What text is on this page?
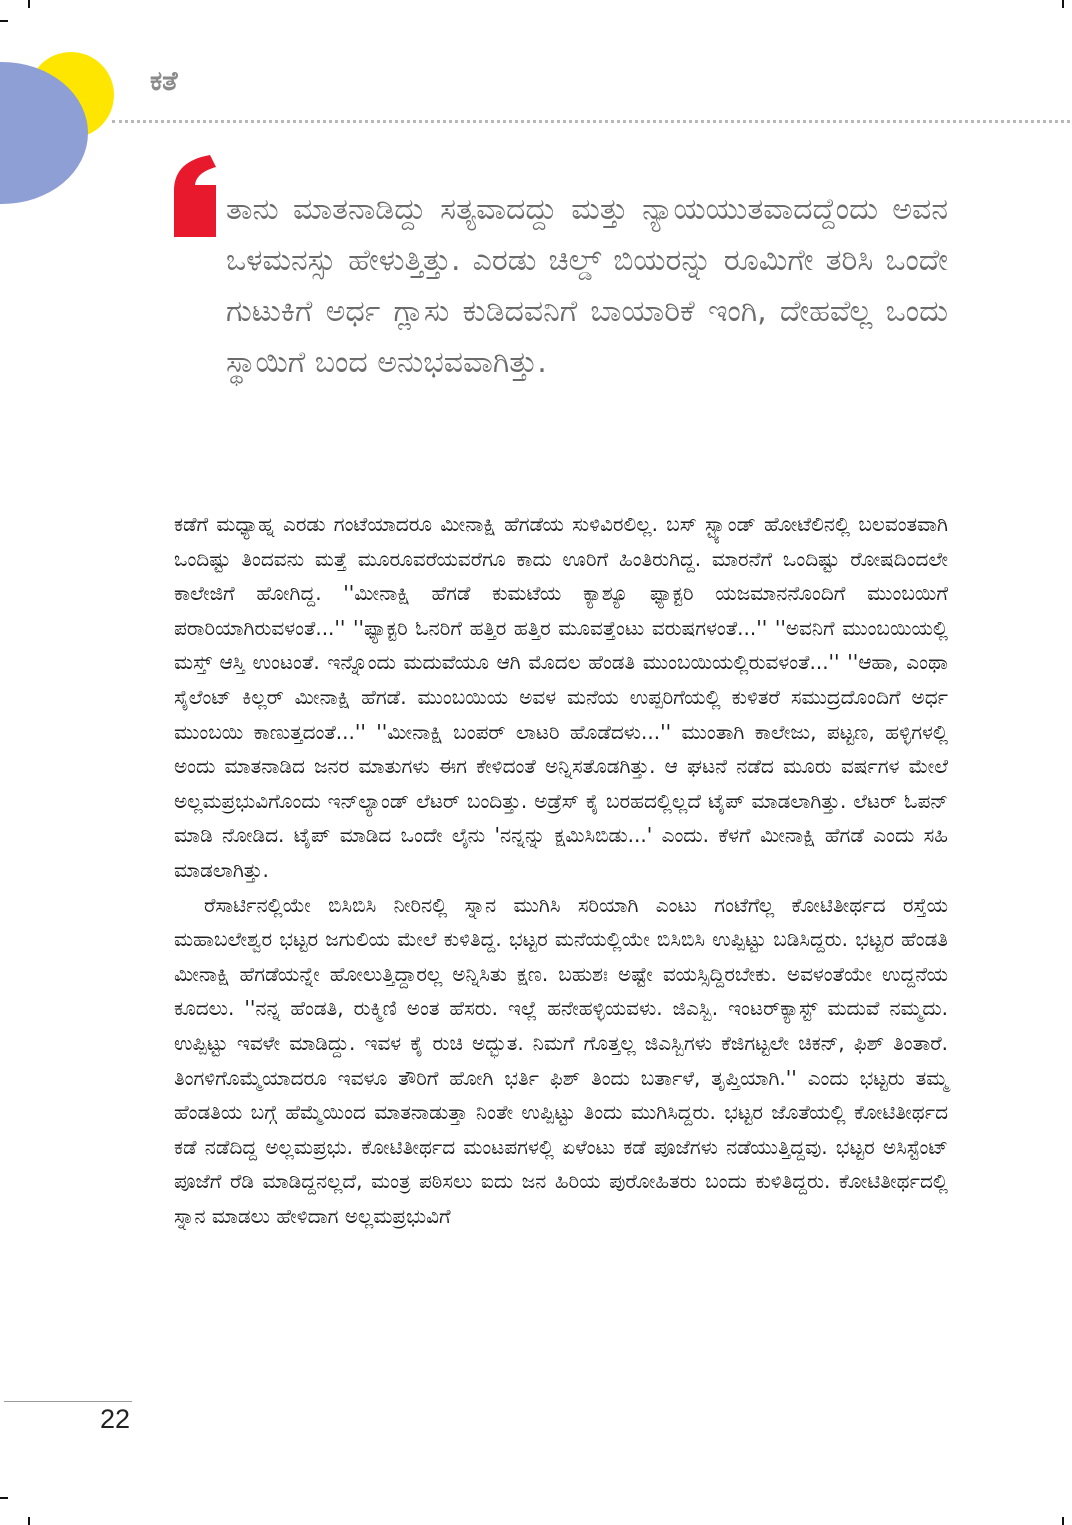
ಕತೆ
ತಾನು ಮಾತನಾಡಿದ್ದು ಸತ್ಯವಾದದ್ದು ಮತ್ತು ನ್ಯಾಯಯುತವಾದದ್ದೆಂದು ಅವನ ಒಳಮನಸ್ಸು ಹೇಳುತ್ತಿತ್ತು. ಎರಡು ಚಿಲ್ಡ್ ಬಿಯರನ್ನು ರೂಮಿಗೇ ತರಿಸಿ ಒಂದೇ ಗುಟುಕಿಗೆ ಅರ್ಧ ಗ್ಲಾಸು ಕುಡಿದವನಿಗೆ ಬಾಯಾರಿಕೆ ಇಂಗಿ, ದೇಹವೆಲ್ಲ ಒಂದು ಸ್ಥಾಯಿಗೆ ಬಂದ ಅನುಭವವಾಗಿತ್ತು.

ಕಡೆಗೆ ಮಧ್ಯಾಹ್ನ ಎರಡು ಗಂಟೆಯಾದರೂ ಮೀನಾಕ್ಷಿ ಹೆಗಡೆಯ ಸುಳಿವಿರಲಿಲ್ಲ. ಬಸ್ ಸ್ಟ್ಯಾಂಡ್ ಹೋಟೆಲಿನಲ್ಲಿ ಬಲವಂತವಾಗಿ ಒಂದಿಷ್ಟು ತಿಂದವನು ಮತ್ತೆ ಮೂರೂವರೆಯವರೆಗೂ ಕಾದು ಊರಿಗೆ ಹಿಂತಿರುಗಿದ್ದ. ಮಾರನೆಗೆ ಒಂದಿಷ್ಟು ರೋಷದಿಂದಲೇ ಕಾಲೇಜಿಗೆ ಹೋಗಿದ್ದ. ''ಮೀನಾಕ್ಷಿ ಹೆಗಡೆ ಕುಮಟೆಯ ಕ್ಯಾಶ್ಯೂ ಫ್ಯಾಕ್ಟರಿ ಯಜಮಾನನೊಂದಿಗೆ ಮುಂಬಯಿಗೆ ಪರಾರಿಯಾಗಿರುವಳಂತೆ...'' ''ಫ್ಯಾಕ್ಟರಿ ಓನರಿಗೆ ಹತ್ತಿರ ಹತ್ತಿರ ಮೂವತ್ತೆಂಟು ವರುಷಗಳಂತೆ...'' ''ಅವನಿಗೆ ಮುಂಬಯಿಯಲ್ಲಿ ಮಸ್ತ್ ಆಸ್ತಿ ಉಂಟಂತೆ. ಇನ್ನೊಂದು ಮದುವೆಯೂ ಆಗಿ ಮೊದಲ ಹೆಂಡತಿ ಮುಂಬಯಿಯಲ್ಲಿರುವಳಂತೆ...'' ''ಆಹಾ, ಎಂಥಾ ಸೈಲೆಂಟ್ ಕಿಲ್ಲರ್ ಮೀನಾಕ್ಷಿ ಹೆಗಡೆ. ಮುಂಬಯಿಯ ಅವಳ ಮನೆಯ ಉಪ್ಪರಿಗೆಯಲ್ಲಿ ಕುಳಿತರೆ ಸಮುದ್ರದೊಂದಿಗೆ ಅರ್ಧ ಮುಂಬಯಿ ಕಾಣುತ್ತದಂತೆ...'' ''ಮೀನಾಕ್ಷಿ ಬಂಪರ್ ಲಾಟರಿ ಹೊಡೆದಳು...'' ಮುಂತಾಗಿ ಕಾಲೇಜು, ಪಟ್ಟಣ, ಹಳ್ಳಿಗಳಲ್ಲಿ ಅಂದು ಮಾತನಾಡಿದ ಜನರ ಮಾತುಗಳು ಈಗ ಕೇಳಿದಂತೆ ಅನ್ನಿಸತೊಡಗಿತ್ತು. ಆ ಘಟನೆ ನಡೆದ ಮೂರು ವರ್ಷಗಳ ಮೇಲೆ ಅಲ್ಲಮಪ್ರಭುವಿಗೊಂದು ಇನ್‌ಲ್ಯಾಂಡ್ ಲೆಟರ್ ಬಂದಿತ್ತು. ಅಡ್ರೆಸ್ ಕೈ ಬರಹದಲ್ಲಿಲ್ಲದೆ ಟೈಪ್ ಮಾಡಲಾಗಿತ್ತು. ಲೆಟರ್ ಓಪನ್ ಮಾಡಿ ನೋಡಿದ. ಟೈಪ್ ಮಾಡಿದ ಒಂದೇ ಲೈನು 'ನನ್ನನ್ನು ಕ್ಷಮಿಸಿಬಿಡು...' ಎಂದು. ಕೆಳಗೆ ಮೀನಾಕ್ಷಿ ಹೆಗಡೆ ಎಂದು ಸಹಿ ಮಾಡಲಾಗಿತ್ತು.

ರೆಸಾರ್ಟಿನಲ್ಲಿಯೇ ಬಿಸಿಬಿಸಿ ನೀರಿನಲ್ಲಿ ಸ್ನಾನ ಮುಗಿಸಿ ಸರಿಯಾಗಿ ಎಂಟು ಗಂಟೆಗೆಲ್ಲ ಕೋಟಿತೀರ್ಥದ ರಸ್ತೆಯ ಮಹಾಬಲೇಶ್ವರ ಭಟ್ಟರ ಜಗುಲಿಯ ಮೇಲೆ ಕುಳಿತಿದ್ದ. ಭಟ್ಟರ ಮನೆಯಲ್ಲಿಯೇ ಬಿಸಿಬಿಸಿ ಉಪ್ಪಿಟ್ಟು ಬಡಿಸಿದ್ದರು. ಭಟ್ಟರ ಹೆಂಡತಿ ಮೀನಾಕ್ಷಿ ಹೆಗಡೆಯನ್ನೇ ಹೋಲುತ್ತಿದ್ದಾರಲ್ಲ ಅನ್ನಿಸಿತು ಕ್ಷಣ. ಬಹುಶಃ ಅಷ್ಟೇ ವಯಸ್ಸಿದ್ದಿರಬೇಕು. ಅವಳಂತೆಯೇ ಉದ್ದನೆಯ ಕೂದಲು. ''ನನ್ನ ಹೆಂಡತಿ, ರುಕ್ಮಿಣಿ ಅಂತ ಹೆಸರು. ಇಲ್ಲೆ ಹನೇಹಳ್ಳಿಯವಳು. ಜಿಎಸ್ಬಿ. ಇಂಟರ್‌ಕ್ಯಾಸ್ಟ್ ಮದುವೆ ನಮ್ಮದು. ಉಪ್ಪಿಟ್ಟು ಇವಳೇ ಮಾಡಿದ್ದು. ಇವಳ ಕೈ ರುಚಿ ಅದ್ಭುತ. ನಿಮಗೆ ಗೊತ್ತಲ್ಲ ಜಿಎಸ್ಬಿಗಳು ಕೆಜಿಗಟ್ಟಲೇ ಚಿಕನ್, ಫಿಶ್ ತಿಂತಾರೆ. ತಿಂಗಳಿಗೊಮ್ಮೆಯಾದರೂ ಇವಳೂ ತೌರಿಗೆ ಹೋಗಿ ಭರ್ತಿ ಫಿಶ್ ತಿಂದು ಬರ್ತಾಳೆ, ತೃಪ್ತಿಯಾಗಿ.'' ಎಂದು ಭಟ್ಟರು ತಮ್ಮ ಹೆಂಡತಿಯ ಬಗ್ಗೆ ಹೆಮ್ಮೆಯಿಂದ ಮಾತನಾಡುತ್ತಾ ನಿಂತೇ ಉಪ್ಪಿಟ್ಟು ತಿಂದು ಮುಗಿಸಿದ್ದರು. ಭಟ್ಟರ ಜೊತೆಯಲ್ಲಿ ಕೋಟಿತೀರ್ಥದ ಕಡೆ ನಡೆದಿದ್ದ ಅಲ್ಲಮಪ್ರಭು. ಕೋಟಿತೀರ್ಥದ ಮಂಟಪಗಳಲ್ಲಿ ಏಳೆಂಟು ಕಡೆ ಪೂಜೆಗಳು ನಡೆಯುತ್ತಿದ್ದವು. ಭಟ್ಟರ ಅಸಿಸ್ಟೆಂಟ್ ಪೂಜೆಗೆ ರೆಡಿ ಮಾಡಿದ್ದನಲ್ಲದೆ, ಮಂತ್ರ ಪಠಿಸಲು ಐದು ಜನ ಹಿರಿಯ ಪುರೋಹಿತರು ಬಂದು ಕುಳಿತಿದ್ದರು. ಕೋಟಿತೀರ್ಥದಲ್ಲಿ ಸ್ನಾನ ಮಾಡಲು ಹೇಳಿದಾಗ ಅಲ್ಲಮಪ್ರಭುವಿಗೆ

22
